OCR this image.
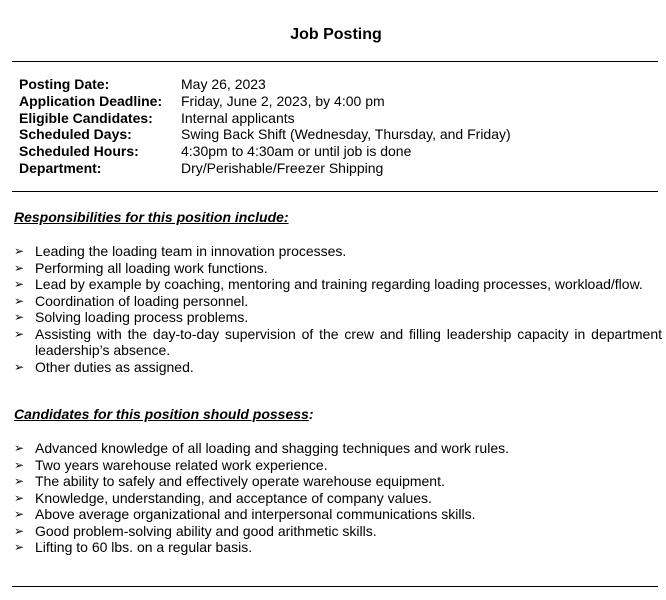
Job Posting
Posting Date:	May 26, 2023
Application Deadline: Friday, June 2, 2023, by 4:00 pm
Eligible Candidates: Internal applicants
Scheduled Days:	Swing Back Shift (Wednesday, Thursday, and Friday)
Scheduled Hours:	4:30pm to 4:30am or until job is done
Department:	Dry/Perishable/Freezer Shipping
Responsibilities for this position include:
➢ Leading the loading team in innovation processes.
➢ Performing all loading work functions.
➢ Lead by example by coaching, mentoring and training regarding loading processes, workload/flow.
➢ Coordination of loading personnel.
➢ Solving loading process problems.
➢ Assisting with the day-to-day supervision of the crew and filling leadership capacity in department leadership’s absence.
➢ Other duties as assigned.
Candidates for this position should possess:
➢ Advanced knowledge of all loading and shagging techniques and work rules.
➢ Two years warehouse related work experience.
➢ The ability to safely and effectively operate warehouse equipment.
➢ Knowledge, understanding, and acceptance of company values.
➢ Above average organizational and interpersonal communications skills.
➢ Good problem-solving ability and good arithmetic skills.
➢ Lifting to 60 lbs. on a regular basis.
